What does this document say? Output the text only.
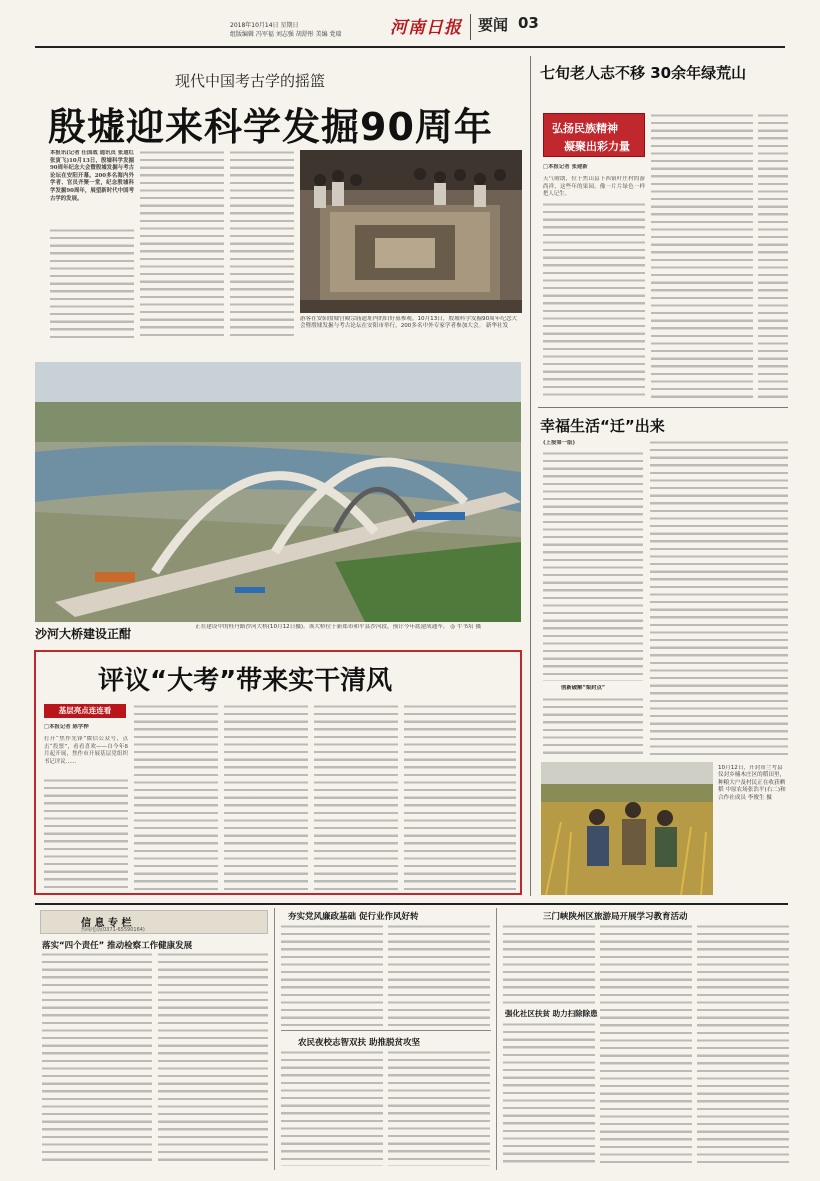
2018年10月14日 星期日
组版编辑 冯军福 刘志强 胡舒彤 美编 党瑞	河南日报 要闻 03
现代中国考古学的摇篮
殷墟迎来科学发掘90周年
本报讯(记者 任国战 通讯员 张道红 张寅飞)10月13日，殷墟科学发掘90周年纪念大会暨殷墟发掘与考古论坛在安阳开幕。200多名海内外学者、官员齐聚一堂，纪念殷墟科学发掘90周年，展望新时代中国考古学的发展。
游客在安阳殷墟宫殿宗庙遗址内的妇好墓参观。10月13日，殷墟科学发掘90周年纪念大会暨殷墟发掘与考古论坛在安阳市举行，200多名中外专家学者参加大会。 新华社发
沙河大桥建设正酣	正在建设中的桂丹路沙河大桥(10月12日摄)。该大桥位于新郑市和平县沙河段，预计今年底建成通车。 ◎ 牛书培 摄
评议“大考”带来实干清风
基层亮点连连看
□本报记者 陈学桦
打开“焦作先锋”微信公众号，点击“投票”，看看喜欢——自今年8月起开展，焦作市开展基层党组织书记评议……
七旬老人志不移 30余年绿荒山
弘扬民族精神
凝聚出彩力量
□本报记者 张建新
天气晴朗，位于焦山县下西镇叶庄村的游尚祥，这些年的果园，像一片片绿色一样把人记生。
幸福生活“迁”出来
(上接第一版)
创新破解“梨封点”
10月12日，开封市兰考县仪封乡楠木庄区的稻田里，种粮大户及村民正在收获晒稻 中原农场张浩平(右二)和合作社成员 李俊生 摄
信 息 专 栏
热线电话(0371-65590164)
落实“四个责任” 推动检察工作健康发展
夯实党风廉政基础 促行业作风好转
农民夜校志智双扶 助推脱贫攻坚
三门峡陕州区旅游局开展学习教育活动
强化社区扶贫 助力扫除除患
